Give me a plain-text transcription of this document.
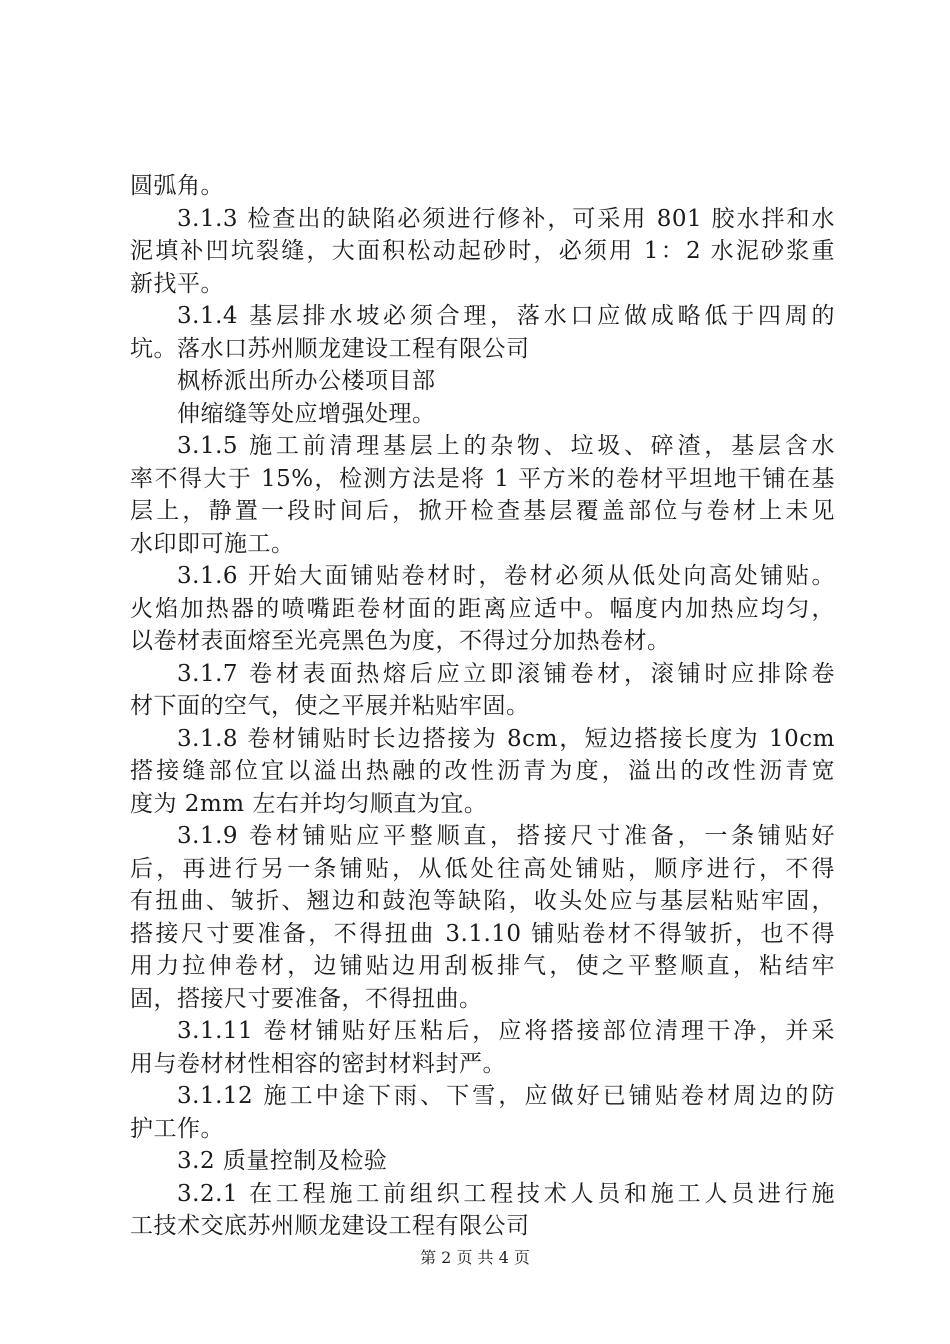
圆弧角。
3.1.3 检查出的缺陷必须进行修补，可采用 801 胶水拌和水
泥填补凹坑裂缝，大面积松动起砂时，必须用 1：2 水泥砂浆重
新找平。
3.1.4 基层排水坡必须合理，落水口应做成略低于四周的
坑。落水口苏州顺龙建设工程有限公司
枫桥派出所办公楼项目部
伸缩缝等处应增强处理。
3.1.5 施工前清理基层上的杂物、垃圾、碎渣，基层含水
率不得大于 15%，检测方法是将 1 平方米的卷材平坦地干铺在基
层上，静置一段时间后，掀开检查基层覆盖部位与卷材上未见
水印即可施工。
3.1.6 开始大面铺贴卷材时，卷材必须从低处向高处铺贴。
火焰加热器的喷嘴距卷材面的距离应适中。幅度内加热应均匀，
以卷材表面熔至光亮黑色为度，不得过分加热卷材。
3.1.7 卷材表面热熔后应立即滚铺卷材，滚铺时应排除卷
材下面的空气，使之平展并粘贴牢固。
3.1.8 卷材铺贴时长边搭接为 8cm，短边搭接长度为 10cm
搭接缝部位宜以溢出热融的改性沥青为度，溢出的改性沥青宽
度为 2mm 左右并均匀顺直为宜。
3.1.9 卷材铺贴应平整顺直，搭接尺寸准备，一条铺贴好
后，再进行另一条铺贴，从低处往高处铺贴，顺序进行，不得
有扭曲、皱折、翘边和鼓泡等缺陷，收头处应与基层粘贴牢固，
搭接尺寸要准备，不得扭曲 3.1.10 铺贴卷材不得皱折，也不得
用力拉伸卷材，边铺贴边用刮板排气，使之平整顺直，粘结牢
固，搭接尺寸要准备，不得扭曲。
3.1.11 卷材铺贴好压粘后，应将搭接部位清理干净，并采
用与卷材材性相容的密封材料封严。
3.1.12 施工中途下雨、下雪，应做好已铺贴卷材周边的防
护工作。
3.2 质量控制及检验
3.2.1 在工程施工前组织工程技术人员和施工人员进行施
工技术交底苏州顺龙建设工程有限公司
第 2 页 共 4 页
